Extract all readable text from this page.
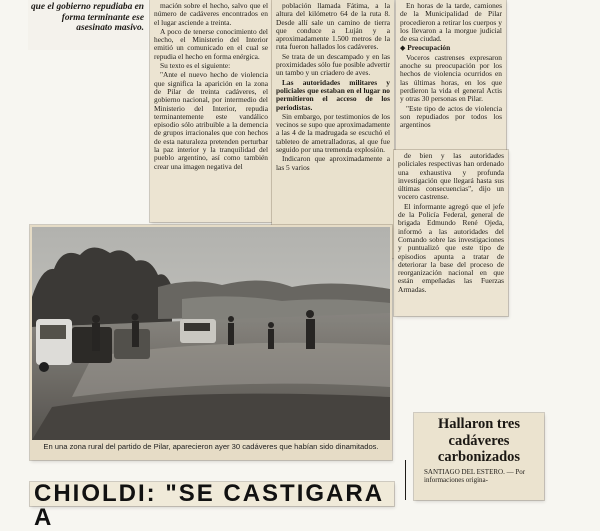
que el gobierno repudiaba en forma terminante ese asesinato masivo.

mación sobre el hecho, salvo que el número de cadáveres encontrados en el lugar asciende a treinta.

A poco de tenerse conocimiento del hecho, el Ministerio del Interior emitió un comunicado en el cual se repudia el hecho en forma enérgica.

Su texto es el siguiente:

"Ante el nuevo hecho de violencia que significa la aparición en la zona de Pilar de treinta cadáveres, el gobierno nacional, por intermedio del Ministerio del Interior, repudia terminantemente este vandálico episodio sólo atribuible a la demencia de grupos irracionales que con hechos de esta naturaleza pretenden perturbar la paz interior y la tranquilidad del pueblo argentino, así como también crear una imagen negativa del

población llamada Fátima, a la altura del kilómetro 64 de la ruta 8. Desde allí sale un camino de tierra que conduce a Luján y a aproximadamente 1.500 metros de la ruta fueron hallados los cadáveres.

Se trata de un descampado y en las proximidades sólo fue posible advertir un tambo y un criadero de aves.

Las autoridades militares y policiales que estaban en el lugar no permitieron el acceso de los periodistas.

Sin embargo, por testimonios de los vecinos se supo que aproximadamente a las 4 de la madrugada se escuchó el tableteo de ametralladoras, al que fue seguido por una tremenda explosión.

Indicaron que aproximadamente a las 5 varios

En horas de la tarde, camiones de la Municipalidad de Pilar procedieron a retirar los cuerpos y los llevaron a la morgue judicial de esa ciudad.

◆ Preocupación

Voceros castrenses expresaron anoche su preocupación por los hechos de violencia ocurridos en las últimas horas, en los que perdieron la vida el general Actis y otras 30 personas en Pilar.

"Este tipo de actos de violencia son repudiados por todos los argentinos

de bien y las autoridades policiales respectivas han ordenado una exhaustiva y profunda investigación que llegará hasta sus últimas consecuencias", dijo un vocero castrense.

El informante agregó que el jefe de la Policía Federal, general de brigada Edmundo René Ojeda, informó a las autoridades del Comando sobre las investigaciones y puntualizó que este tipo de episodios apunta a tratar de deteriorar la base del proceso de reorganización nacional en que están empeñadas las Fuerzas Armadas.

En una zona rural del partido de Pilar, aparecieron ayer 30 cadáveres que habían sido dinamitados.
Hallaron tres cadáveres carbonizados
SANTIAGO DEL ESTERO. — Por informaciones origina-
CHIOLDI: "SE CASTIGARA A
